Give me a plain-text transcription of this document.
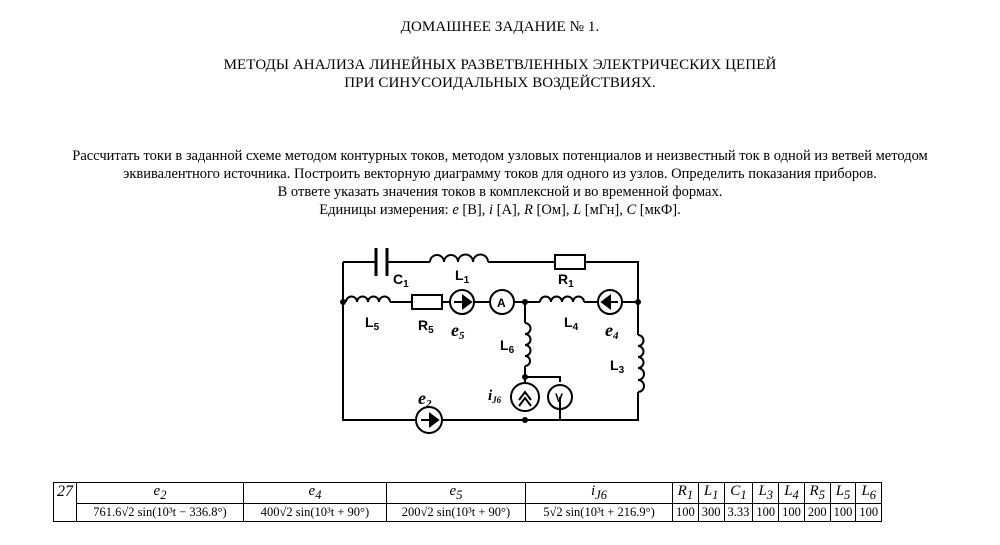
ДОМАШНЕЕ ЗАДАНИЕ № 1.
МЕТОДЫ АНАЛИЗА ЛИНЕЙНЫХ РАЗВЕТВЛЕННЫХ ЭЛЕКТРИЧЕСКИХ ЦЕПЕЙ
ПРИ СИНУСОИДАЛЬНЫХ ВОЗДЕЙСТВИЯХ.
Рассчитать токи в заданной схеме методом контурных токов, методом узловых потенциалов и неизвестный ток в одной из ветвей методом
эквивалентного источника. Построить векторную диаграмму токов для одного из узлов. Определить показания приборов.
В ответе указать значения токов в комплексной и во временной формах.
Единицы измерения: e [В], i [А], R [Ом], L [мГн], C [мкФ].
$C_1$
$L_1$	$R_1$
$L_5$	$R_5$ e5
A
$L_4$ e4
$L_6$
$L_3$
$i_{J6}$	V
e2
27	$e_2$	$e_4$	$e_5$	$i_{J6}$	$R_1$	$L_1$	$C_1$	$L_3$	$L_4$	$R_5$	$L_5$	$L_6$
	761.6√2 sin(10³t − 336.8°)	400√2 sin(10³t + 90°)	200√2 sin(10³t + 90°)	5√2 sin(10³t + 216.9°)	100	300	3.33	100	100	200	100	100
